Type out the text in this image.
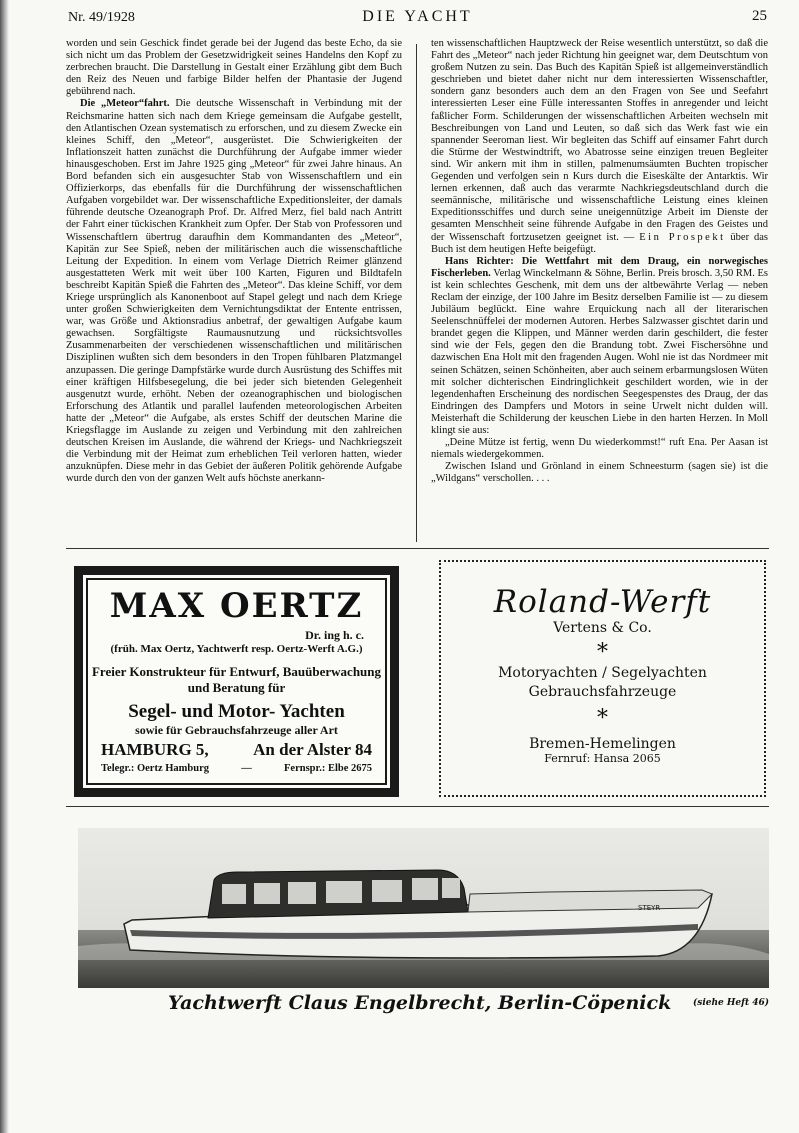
Nr. 49/1928	DIE YACHT	25

worden und sein Geschick findet gerade bei der Jugend das beste Echo, da sie sich nicht um das Problem der Gesetzwidrigkeit seines Handelns den Kopf zu zerbrechen braucht. Die Darstellung in Gestalt einer Erzählung gibt dem Buch den Reiz des Neuen und farbige Bilder helfen der Phantasie der Jugend gebührend nach.

Die „Meteor“fahrt. Die deutsche Wissenschaft in Verbindung mit der Reichsmarine hatten sich nach dem Kriege gemeinsam die Aufgabe gestellt, den Atlantischen Ozean systematisch zu erforschen, und zu diesem Zwecke ein kleines Schiff, den „Meteor“, ausgerüstet. Die Schwierigkeiten der Inflationszeit hatten zunächst die Durchführung der Aufgabe immer wieder hinausgeschoben. Erst im Jahre 1925 ging „Meteor“ für zwei Jahre hinaus. An Bord befanden sich ein ausgesuchter Stab von Wissenschaftlern und ein Offizierkorps, das ebenfalls für die Durchführung der wissenschaftlichen Aufgaben vorgebildet war. Der wissenschaftliche Expeditionsleiter, der damals führende deutsche Ozeanograph Prof. Dr. Alfred Merz, fiel bald nach Antritt der Fahrt einer tückischen Krankheit zum Opfer. Der Stab von Professoren und Wissenschaftlern übertrug daraufhin dem Kommandanten des „Meteor“, Kapitän zur See Spieß, neben der militärischen auch die wissenschaftliche Leitung der Expedition. In einem vom Verlage Dietrich Reimer glänzend ausgestatteten Werk mit weit über 100 Karten, Figuren und Bildtafeln beschreibt Kapitän Spieß die Fahrten des „Meteor“. Das kleine Schiff, vor dem Kriege ursprünglich als Kanonenboot auf Stapel gelegt und nach dem Kriege unter großen Schwierigkeiten dem Vernichtungsdiktat der Entente entrissen, war, was Größe und Aktionsradius anbetraf, der gewaltigen Aufgabe kaum gewachsen. Sorgfältigste Raumausnutzung und rücksichtsvolles Zusammenarbeiten der verschiedenen wissenschaftlichen und militärischen Disziplinen wußten sich dem besonders in den Tropen fühlbaren Platzmangel anzupassen. Die geringe Dampfstärke wurde durch Ausrüstung des Schiffes mit einer kräftigen Hilfsbesegelung, die bei jeder sich bietenden Gelegenheit ausgenutzt wurde, erhöht. Neben der ozeanographischen und biologischen Erforschung des Atlantik und parallel laufenden meteorologischen Arbeiten hatte der „Meteor“ die Aufgabe, als erstes Schiff der deutschen Marine die Kriegsflagge im Auslande zu zeigen und Verbindung mit den zahlreichen deutschen Kreisen im Auslande, die während der Kriegs- und Nachkriegszeit die Verbindung mit der Heimat zum erheblichen Teil verloren hatten, wieder anzuknüpfen. Diese mehr in das Gebiet der äußeren Politik gehörende Aufgabe wurde durch den von der ganzen Welt aufs höchste anerkann-

ten wissenschaftlichen Hauptzweck der Reise wesentlich unterstützt, so daß die Fahrt des „Meteor“ nach jeder Richtung hin geeignet war, dem Deutschtum von großem Nutzen zu sein. Das Buch des Kapitän Spieß ist allgemeinverständlich geschrieben und bietet daher nicht nur dem interessierten Wissenschaftler, sondern ganz besonders auch dem an den Fragen von See und Seefahrt interessierten Leser eine Fülle interessanten Stoffes in anregender und leicht faßlicher Form. Schilderungen der wissenschaftlichen Arbeiten wechseln mit Beschreibungen von Land und Leuten, so daß sich das Werk fast wie ein spannender Seeroman liest. Wir begleiten das Schiff auf einsamer Fahrt durch die Stürme der Westwindtrift, wo Abatrosse seine einzigen treuen Begleiter sind. Wir ankern mit ihm in stillen, palmenumsäumten Buchten tropischer Gegenden und verfolgen sein n Kurs durch die Eiseskälte der Antarktis. Wir lernen erkennen, daß auch das verarmte Nachkriegsdeutschland durch die seemännische, militärische und wissenschaftliche Leistung eines kleinen Expeditionsschiffes und durch seine uneigennützige Arbeit im Dienste der gesamten Menschheit seine führende Aufgabe in den Fragen des Geistes und der Wissenschaft fortzusetzen geeignet ist. — Ein Prospekt über das Buch ist dem heutigen Hefte beigefügt.

Hans Richter: Die Wettfahrt mit dem Draug, ein norwegisches Fischerleben. Verlag Winckelmann & Söhne, Berlin. Preis brosch. 3,50 RM. Es ist kein schlechtes Geschenk, mit dem uns der altbewährte Verlag — neben Reclam der einzige, der 100 Jahre im Besitz derselben Familie ist — zu diesem Jubiläum beglückt. Eine wahre Erquickung nach all der literarischen Seelenschnüffelei der modernen Autoren. Herbes Salzwasser gischtet darin und brandet gegen die Klippen, und Männer werden darin geschildert, die fester sind wie der Fels, gegen den die Brandung tobt. Zwei Fischersöhne und dazwischen Ena Holt mit den fragenden Augen. Wohl nie ist das Nordmeer mit seinen Schätzen, seinen Schönheiten, aber auch seinem erbarmungslosen Wüten mit solcher dichterischen Eindringlichkeit geschildert worden, wie in der legendenhaften Erscheinung des nordischen Seegespenstes des Draug, der das Eindringen des Dampfers und Motors in seine Urwelt nicht dulden will. Meisterhaft die Schilderung der keuschen Liebe in den harten Herzen. In Moll klingt sie aus:

„Deine Mütze ist fertig, wenn Du wiederkommst!“ ruft Ena. Per Aasan ist niemals wiedergekommen.

Zwischen Island und Grönland in einem Schneesturm (sagen sie) ist die „Wildgans“ verschollen. . . .

MAX OERTZ
Dr. ing h. c.
(früh. Max Oertz, Yachtwerft resp. Oertz-Werft A.G.)
Freier Konstrukteur für Entwurf, Bauüberwachung und Beratung für
Segel- und Motor- Yachten
sowie für Gebrauchsfahrzeuge aller Art
HAMBURG 5,	An der Alster 84
Telegr.: Oertz Hamburg	—	Fernspr.: Elbe 2675
Roland-Werft
Vertens & Co.
*
Motoryachten / Segelyachten
Gebrauchsfahrzeuge
*
Bremen-Hemelingen
Fernruf: Hansa 2065
STEYR
Yachtwerft Claus Engelbrecht, Berlin-Cöpenick (siehe Heft 46)
